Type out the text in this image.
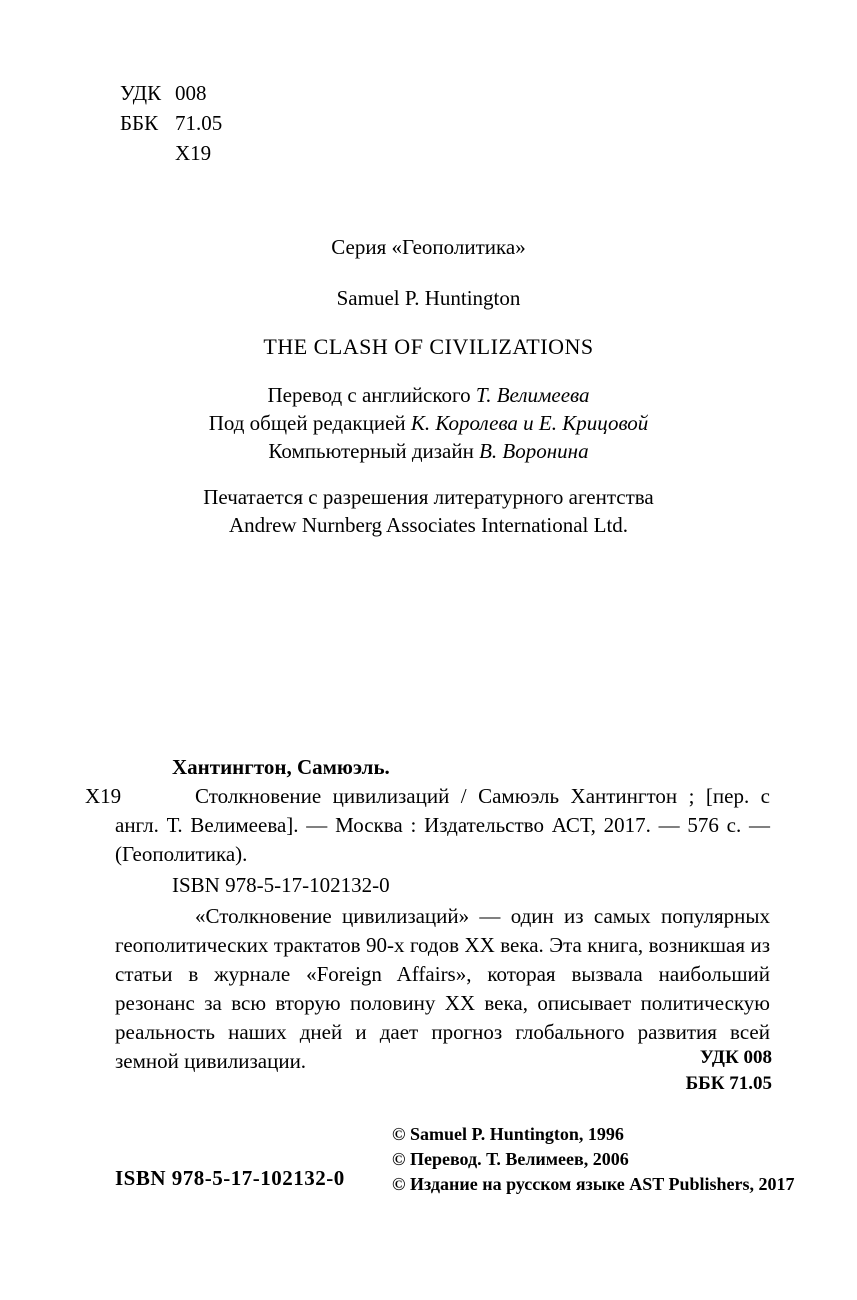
УДК 008
ББК 71.05
Х19
Серия «Геополитика»
Samuel P. Huntington
THE CLASH OF CIVILIZATIONS
Перевод с английского Т. Велимеева
Под общей редакцией К. Королева и Е. Крицовой
Компьютерный дизайн В. Воронина
Печатается с разрешения литературного агентства
Andrew Nurnberg Associates International Ltd.

Хантингтон, Самюэль.

Х19	Столкновение цивилизаций / Самюэль Хантингтон ; [пер. с англ. Т. Велимеева]. — Москва : Издательство АСТ, 2017. — 576 с. — (Геополитика).

ISBN 978-5-17-102132-0

«Столкновение цивилизаций» — один из самых популярных геополитических трактатов 90-х годов ХХ века. Эта книга, возникшая из статьи в журнале «Foreign Affairs», которая вызвала наибольший резонанс за всю вторую половину ХХ века, описывает политическую реальность наших дней и дает прогноз глобального развития всей земной цивилизации.	УДК 008
ББК 71.05
ISBN 978-5-17-102132-0
© Samuel P. Huntington, 1996
© Перевод. Т. Велимеев, 2006
© Издание на русском языке AST Publishers, 2017
